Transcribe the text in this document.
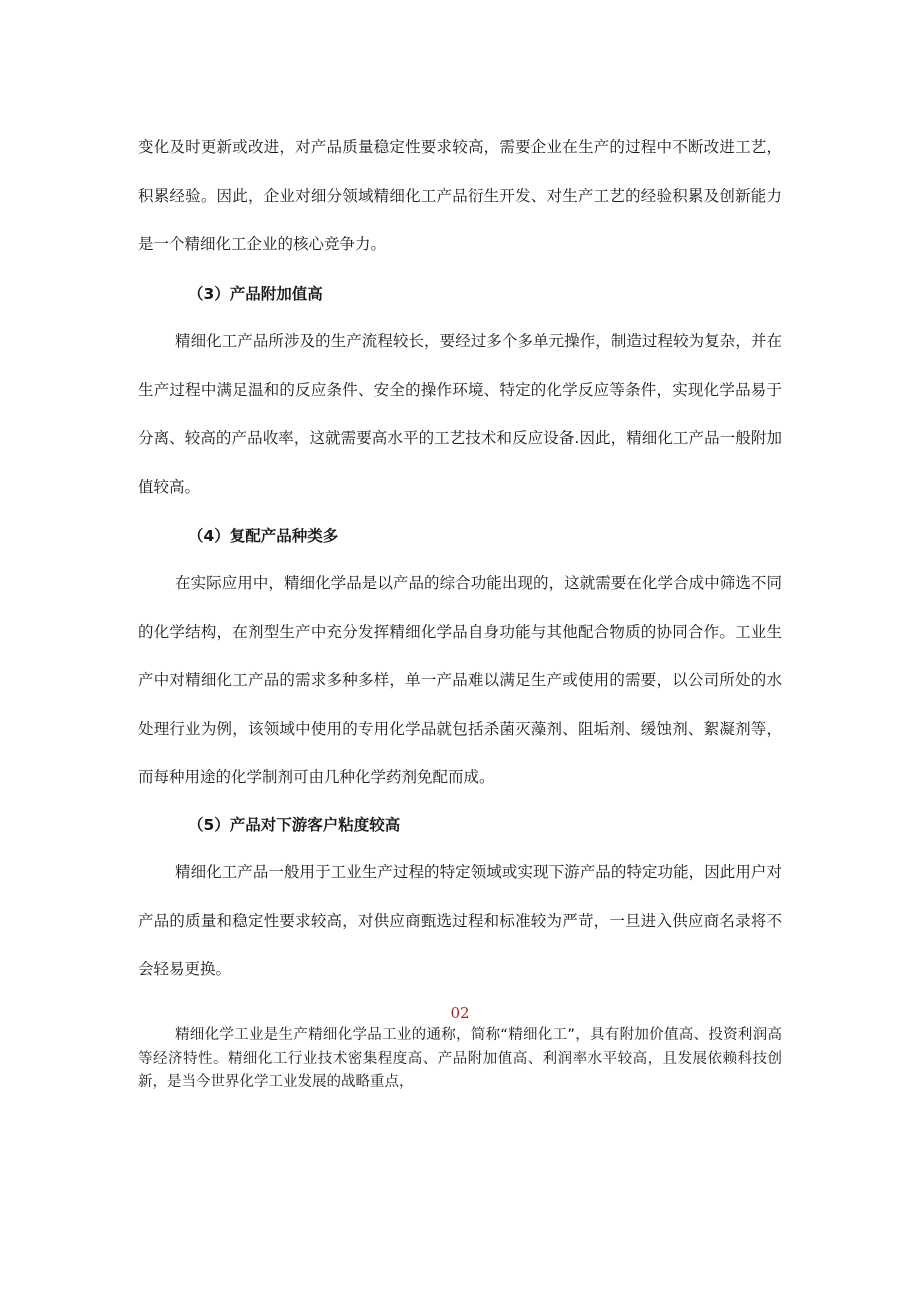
变化及时更新或改进，对产品质量稳定性要求较高，需要企业在生产的过程中不断改进工艺，积累经验。因此，企业对细分领域精细化工产品衍生开发、对生产工艺的经验积累及创新能力是一个精细化工企业的核心竞争力。

（3）产品附加值高

精细化工产品所涉及的生产流程较长，要经过多个多单元操作，制造过程较为复杂，并在生产过程中满足温和的反应条件、安全的操作环境、特定的化学反应等条件，实现化学品易于分离、较高的产品收率，这就需要高水平的工艺技术和反应设备.因此，精细化工产品一般附加值较高。

（4）复配产品种类多

在实际应用中，精细化学品是以产品的综合功能出现的，这就需要在化学合成中筛选不同的化学结构，在剂型生产中充分发挥精细化学品自身功能与其他配合物质的协同合作。工业生产中对精细化工产品的需求多种多样，单一产品难以满足生产或使用的需要，以公司所处的水处理行业为例，该领域中使用的专用化学品就包括杀菌灭藻剂、阻垢剂、缓蚀剂、絮凝剂等，而每种用途的化学制剂可由几种化学药剂免配而成。

（5）产品对下游客户粘度较高

精细化工产品一般用于工业生产过程的特定领域或实现下游产品的特定功能，因此用户对产品的质量和稳定性要求较高，对供应商甄选过程和标准较为严苛，一旦进入供应商名录将不会轻易更换。

02

精细化学工业是生产精细化学品工业的通称，简称“精细化工”，具有附加价值高、投资利润高等经济特性。精细化工行业技术密集程度高、产品附加值高、利润率水平较高，且发展依赖科技创新，是当今世界化学工业发展的战略重点，
